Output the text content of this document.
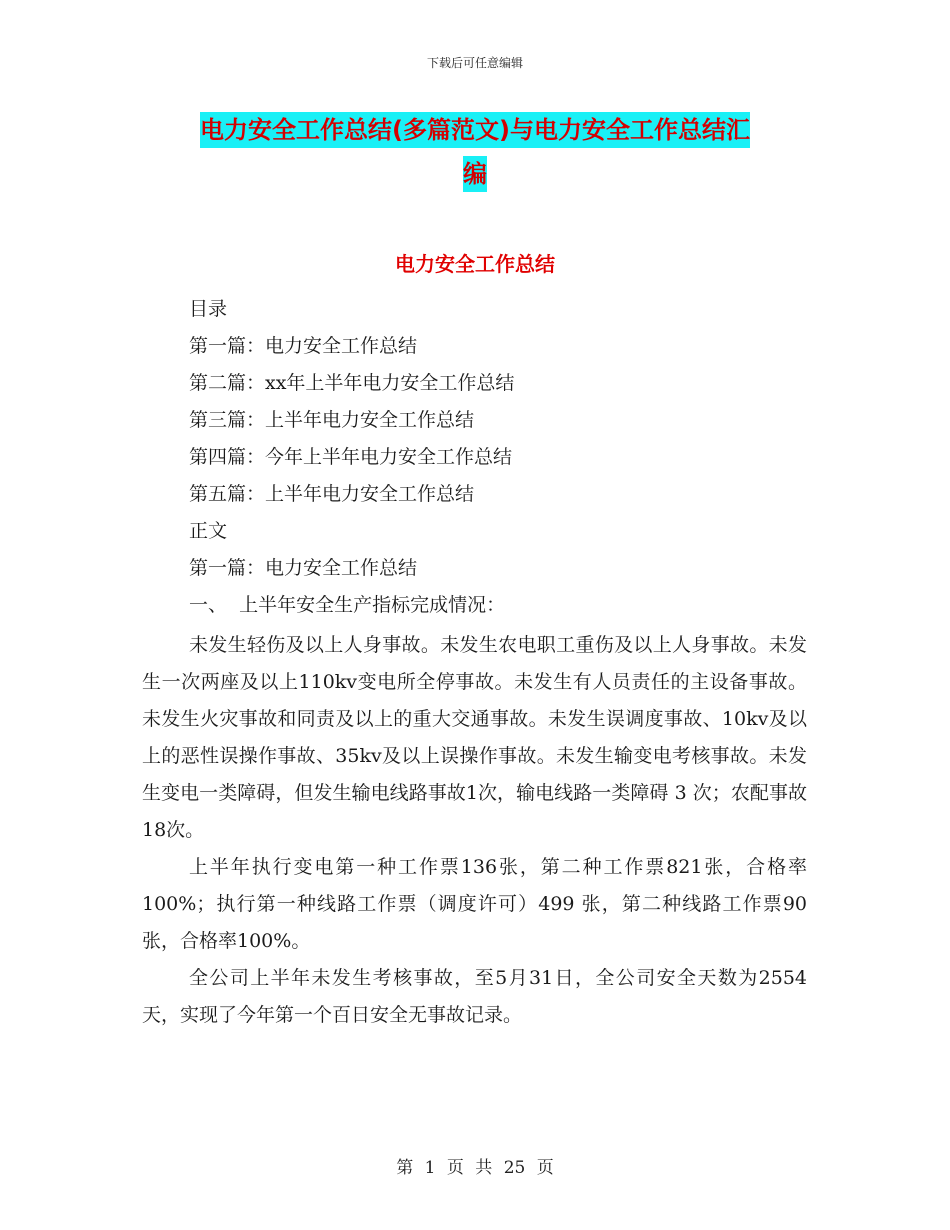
下载后可任意编辑
电力安全工作总结(多篇范文)与电力安全工作总结汇
编
电力安全工作总结
目录
第一篇：电力安全工作总结
第二篇：xx年上半年电力安全工作总结
第三篇：上半年电力安全工作总结
第四篇：今年上半年电力安全工作总结
第五篇：上半年电力安全工作总结
正文
第一篇：电力安全工作总结
一、  上半年安全生产指标完成情况：

未发生轻伤及以上人身事故。未发生农电职工重伤及以上人身事故。未发生一次两座及以上110kv变电所全停事故。未发生有人员责任的主设备事故。未发生火灾事故和同责及以上的重大交通事故。未发生误调度事故、10kv及以上的恶性误操作事故、35kv及以上误操作事故。未发生输变电考核事故。未发生变电一类障碍，但发生输电线路事故1次，输电线路一类障碍 3 次；农配事故 18次。

上半年执行变电第一种工作票136张，第二种工作票821张，合格率100%；执行第一种线路工作票（调度许可）499 张，第二种线路工作票90张，合格率100%。

全公司上半年未发生考核事故，至5月31日，全公司安全天数为2554 天，实现了今年第一个百日安全无事故记录。

第 1 页 共 25 页
